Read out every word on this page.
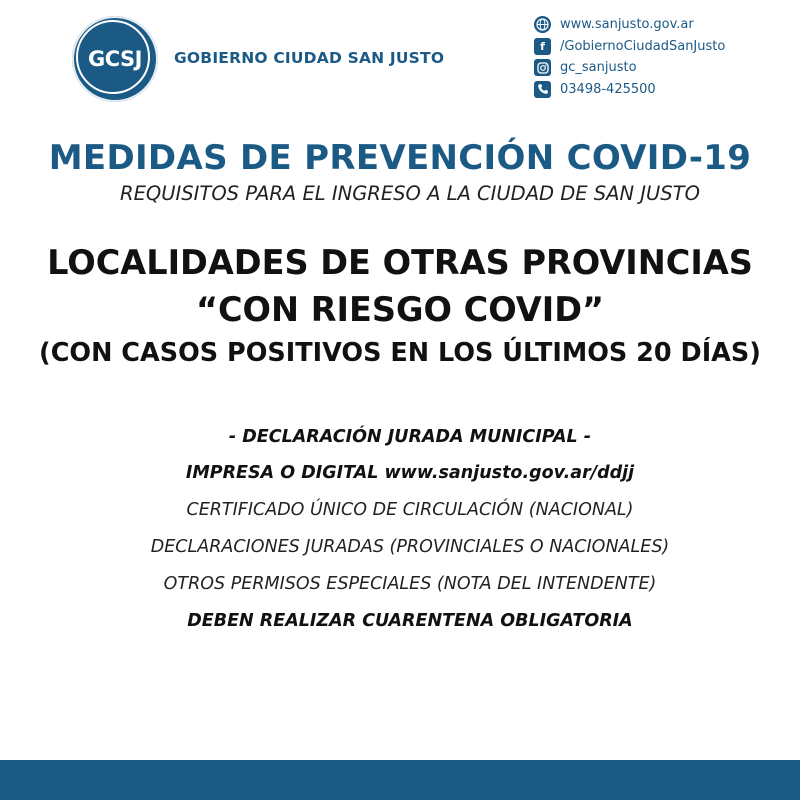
GCSJ	GOBIERNO CIUDAD SAN JUSTO
www.sanjusto.gov.ar
f	/GobiernoCiudadSanJusto
gc_sanjusto
03498-425500
MEDIDAS DE PREVENCIÓN COVID-19
REQUISITOS PARA EL INGRESO A LA CIUDAD DE SAN JUSTO
LOCALIDADES DE OTRAS PROVINCIAS
“CON RIESGO COVID”
(CON CASOS POSITIVOS EN LOS ÚLTIMOS 20 DÍAS)
- DECLARACIÓN JURADA MUNICIPAL -
IMPRESA O DIGITAL www.sanjusto.gov.ar/ddjj
CERTIFICADO ÚNICO DE CIRCULACIÓN (NACIONAL)
DECLARACIONES JURADAS (PROVINCIALES O NACIONALES)
OTROS PERMISOS ESPECIALES (NOTA DEL INTENDENTE)
DEBEN REALIZAR CUARENTENA OBLIGATORIA
